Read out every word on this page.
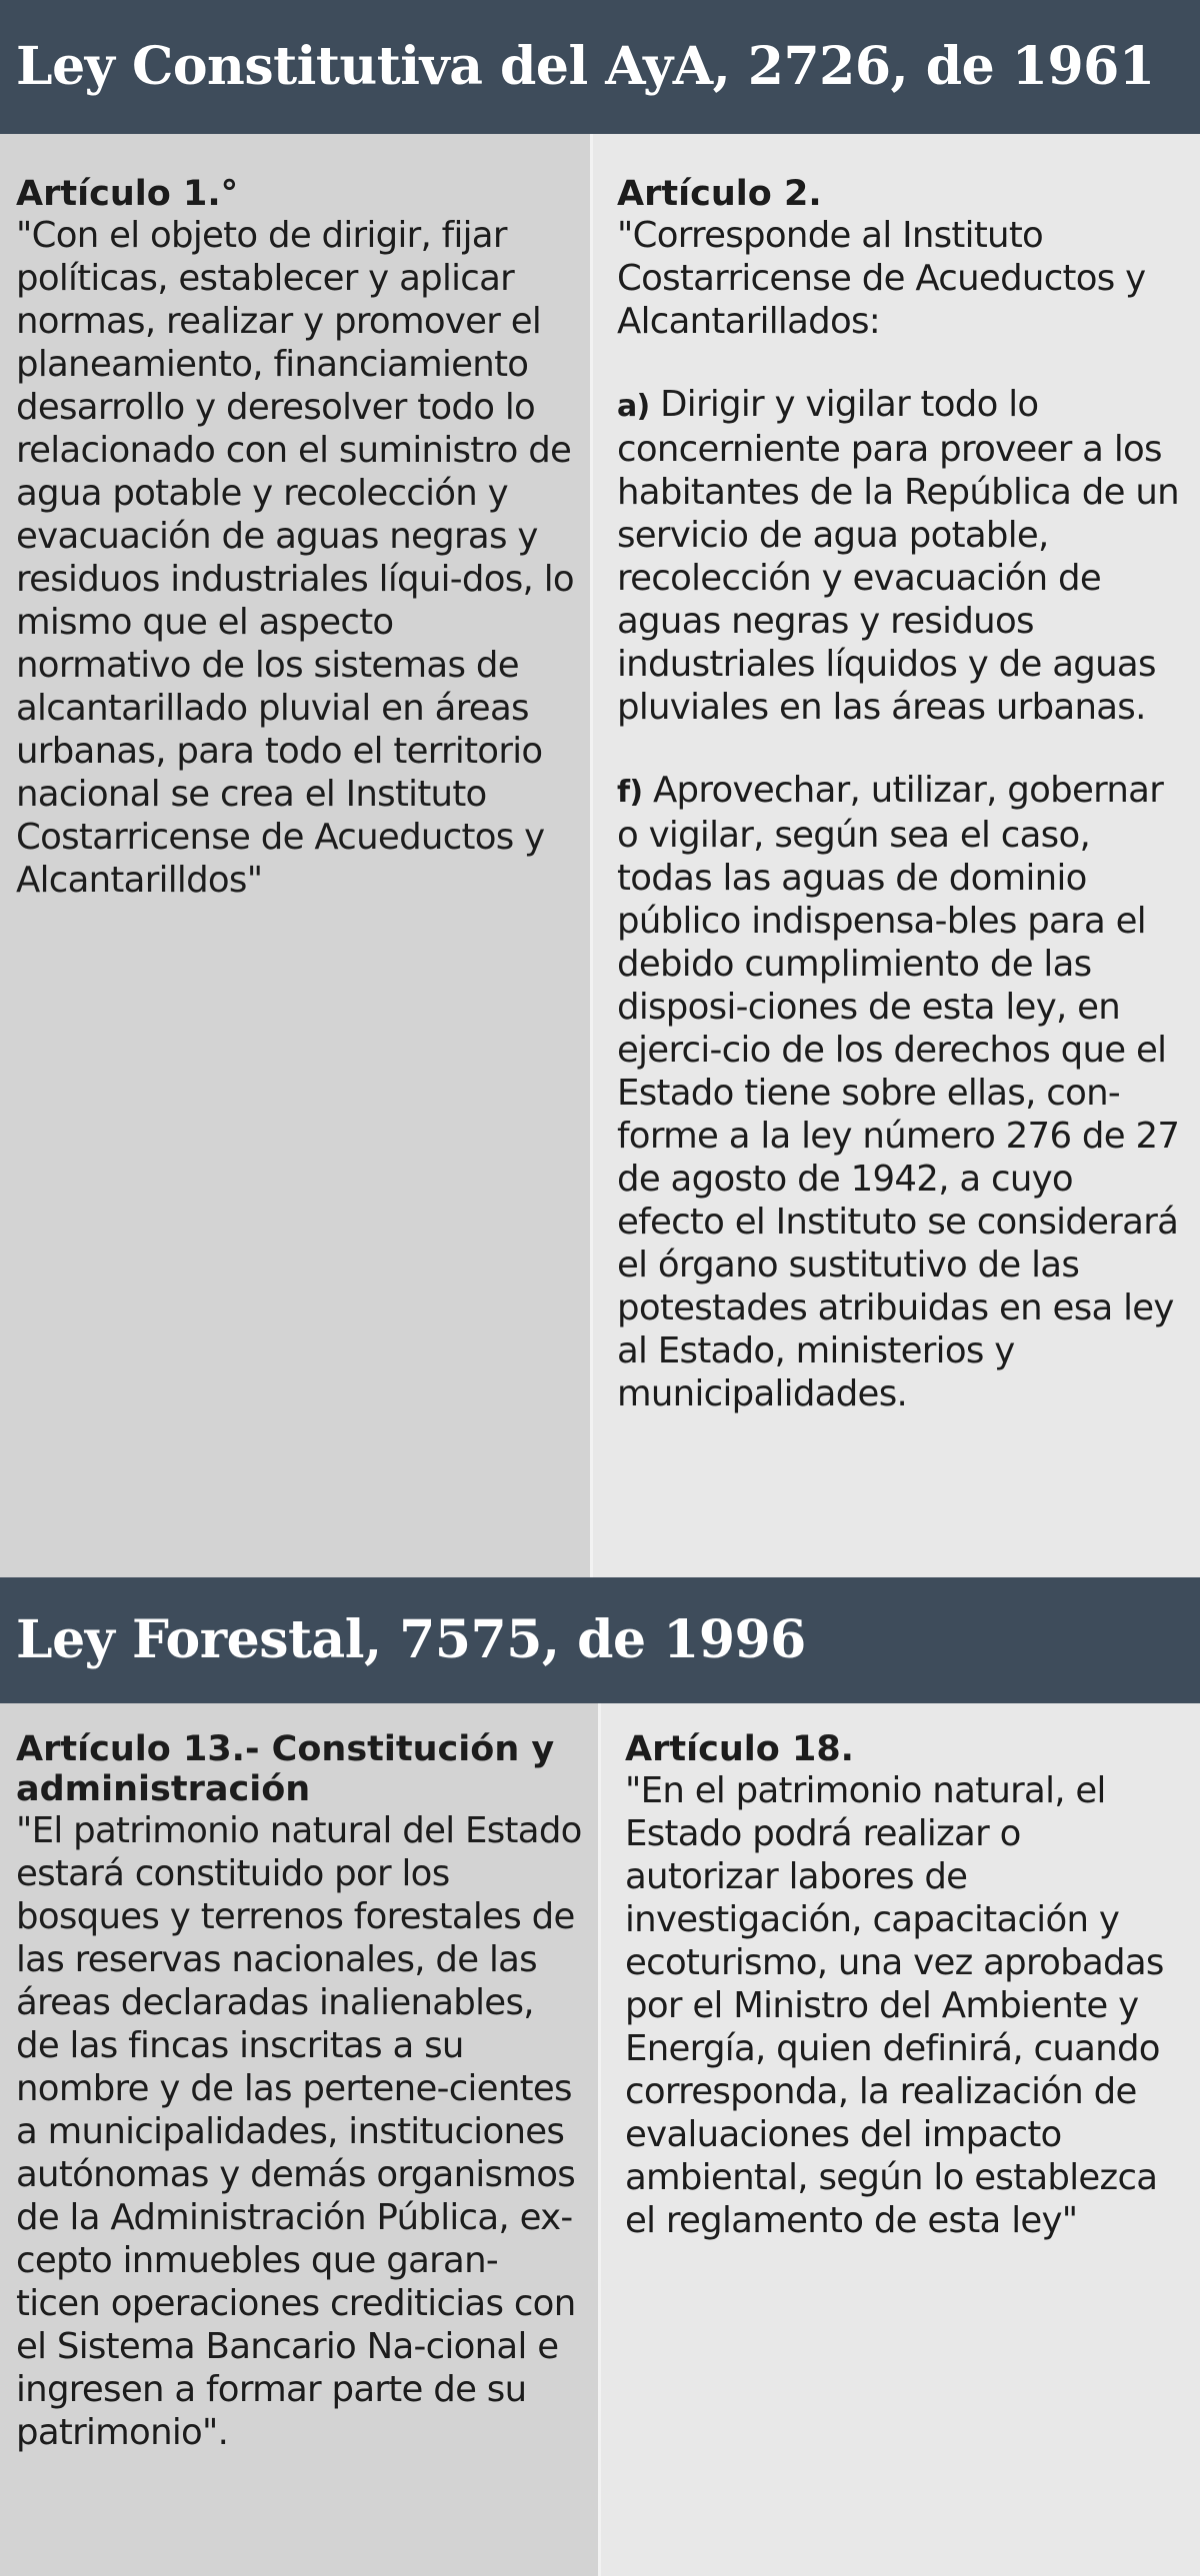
Ley Constitutiva del AyA, 2726, de 1961
Artículo 1.°
"Con el objeto de dirigir, fijar políticas, establecer y aplicar normas, realizar y promover el planeamiento, financiamiento desarrollo y deresolver todo lo relacionado con el suministro de agua potable y recolección y evacuación de aguas negras y residuos industriales líqui-dos, lo mismo que el aspecto normativo de los sistemas de alcantarillado pluvial en áreas urbanas, para todo el territorio nacional se crea el Instituto Costarricense de Acueductos y Alcantarilldos"
Artículo 2.
"Corresponde al Instituto Costarricense de Acueductos y Alcantarillados:
a) Dirigir y vigilar todo lo concerniente para proveer a los habitantes de la República de un servicio de agua potable, recolección y evacuación de aguas negras y residuos industriales líquidos y de aguas pluviales en las áreas urbanas.
f) Aprovechar, utilizar, gobernar o vigilar, según sea el caso, todas las aguas de dominio público indispensa-bles para el debido cumplimiento de las disposi-ciones de esta ley, en ejerci-cio de los derechos que el Estado tiene sobre ellas, con-forme a la ley número 276 de 27 de agosto de 1942, a cuyo efecto el Instituto se considerará el órgano sustitutivo de las potestades atribuidas en esa ley al Estado, ministerios y municipalidades.
Ley Forestal, 7575, de 1996
Artículo 13.- Constitución y administración
"El patrimonio natural del Estado estará constituido por los bosques y terrenos forestales de las reservas nacionales, de las áreas declaradas inalienables, de las fincas inscritas a su nombre y de las pertene-cientes a municipalidades, instituciones autónomas y demás organismos de la Administración Pública, ex-cepto inmuebles que garan-ticen operaciones crediticias con el Sistema Bancario Na-cional e ingresen a formar parte de su patrimonio".
Artículo 18.
"En el patrimonio natural, el Estado podrá realizar o autorizar labores de investigación, capacitación y ecoturismo, una vez aprobadas por el Ministro del Ambiente y Energía, quien definirá, cuando corresponda, la realización de evaluaciones del impacto ambiental, según lo establezca el reglamento de esta ley"
